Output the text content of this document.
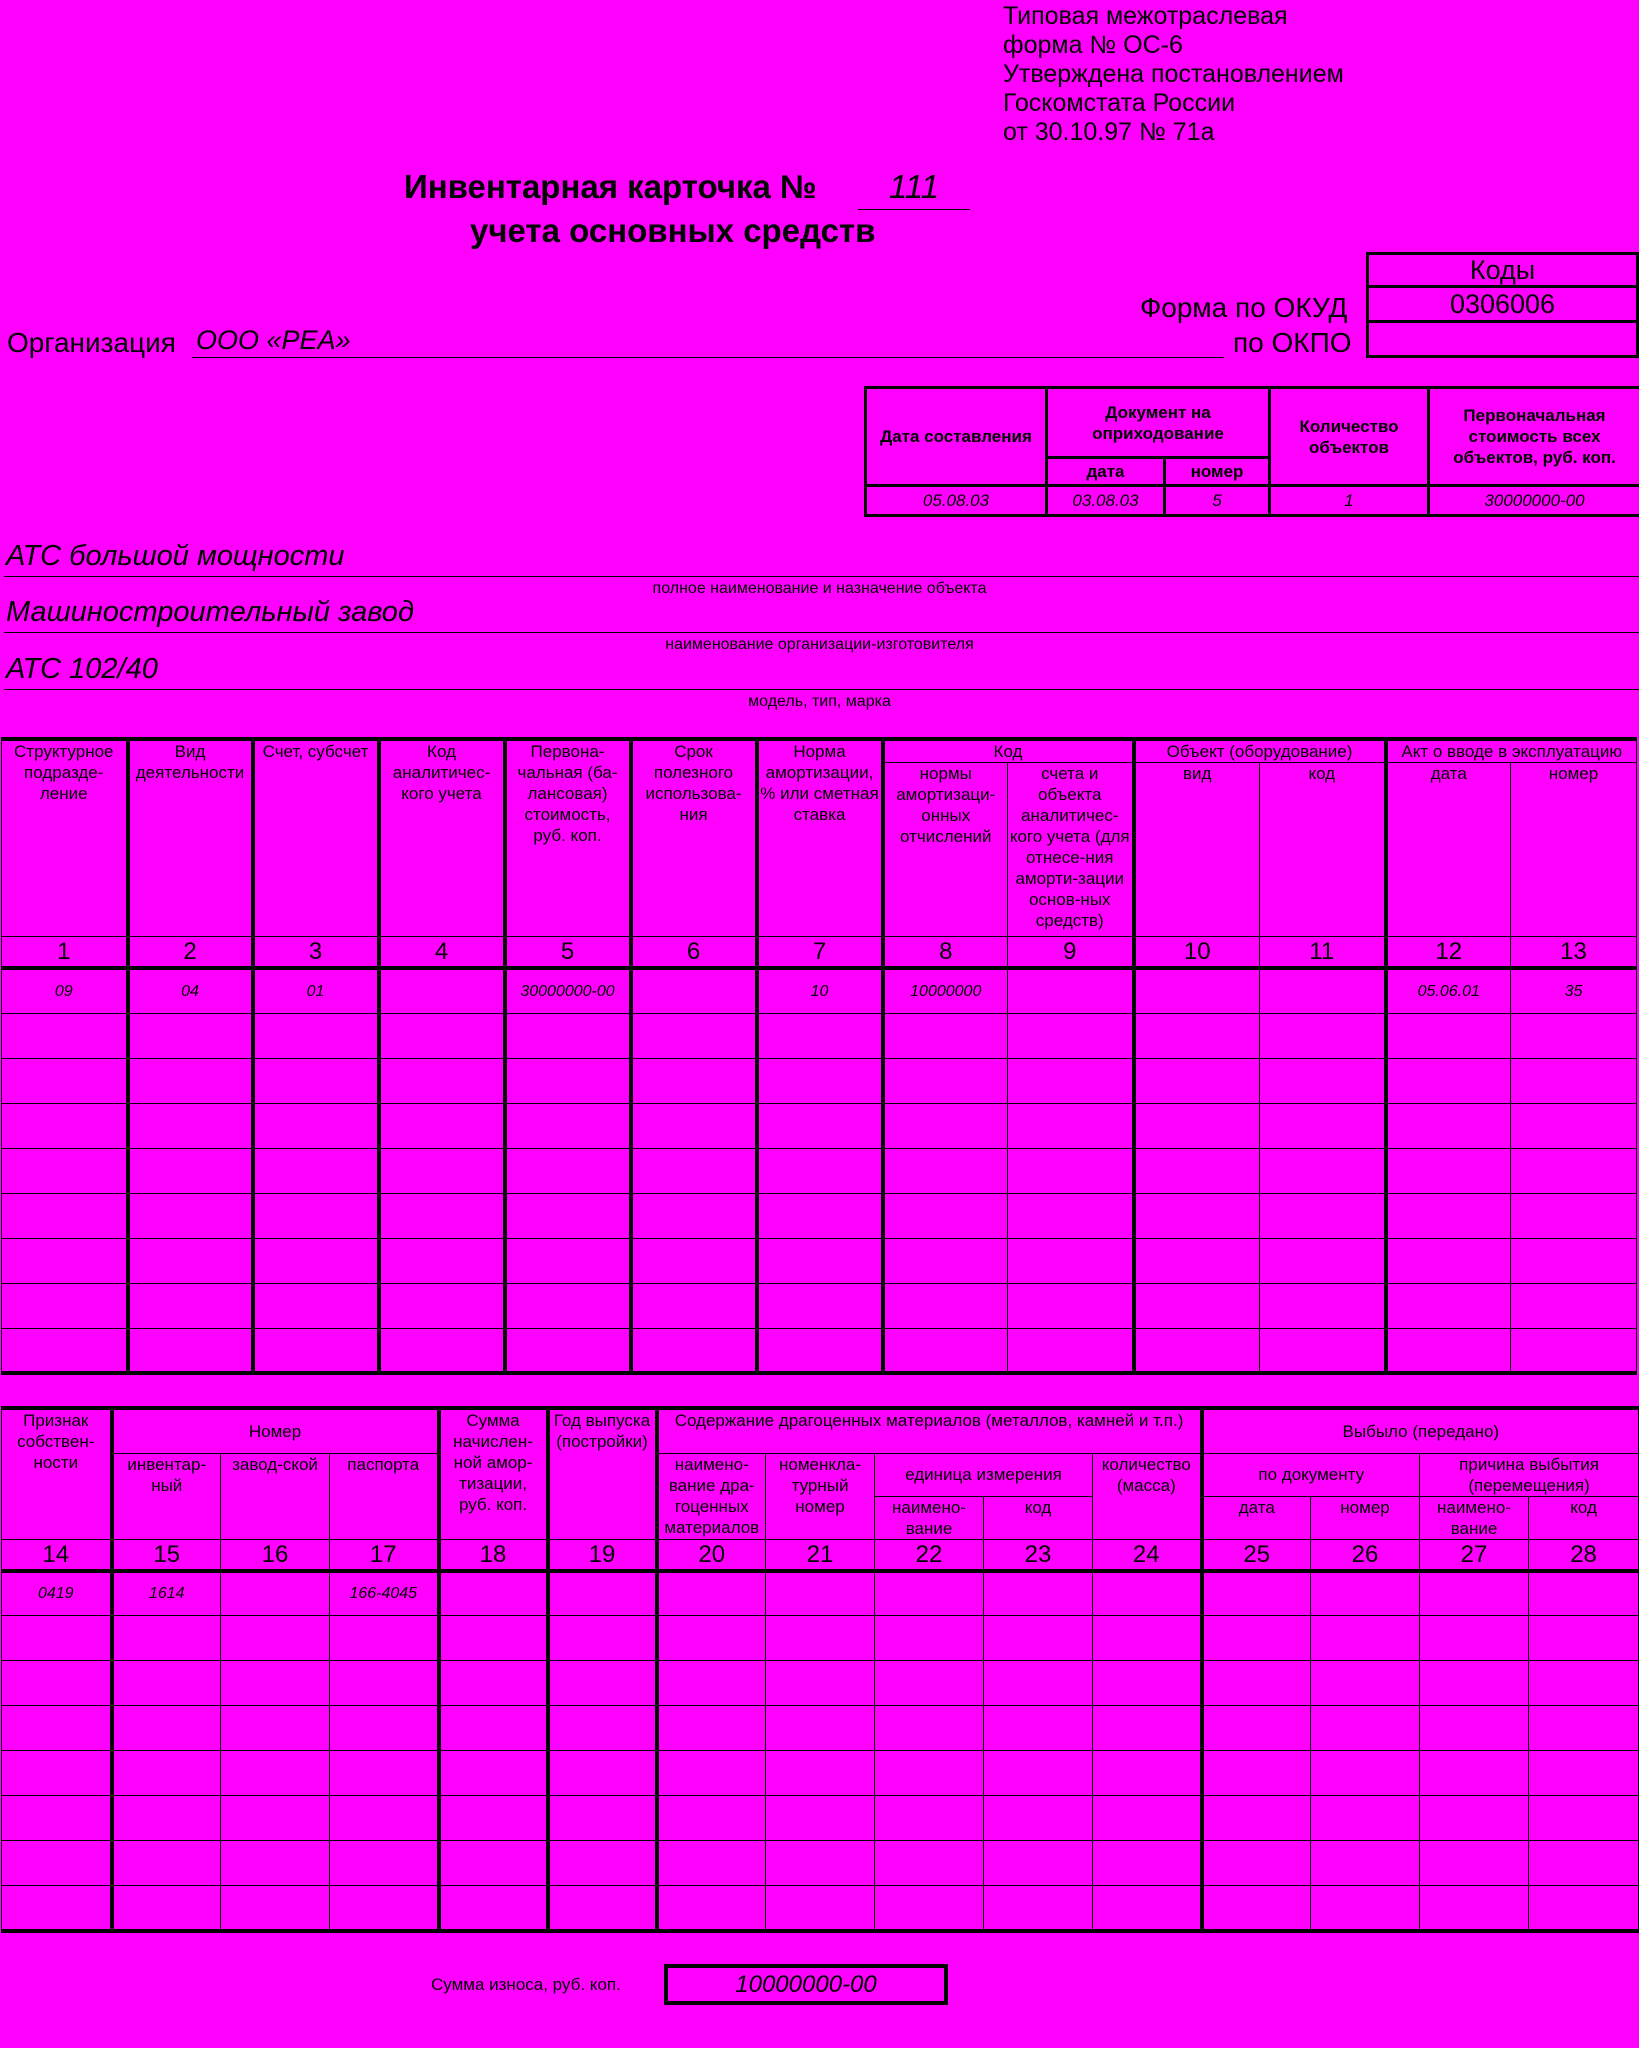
Типовая межотраслевая
форма № ОС-6
Утверждена постановлением
Госкомстата России
от 30.10.97 № 71а
Инвентарная карточка №	111
учета основных средств
Коды
0306006

Форма по ОКУД
по ОКПО
Организация ООО «РЕА»
Дата составления	Документ на оприходование		Количество объектов	Первоначальная стоимость всех объектов, руб. коп.
	дата	номер		
05.08.03	03.08.03	5	1	30000000-00
АТС большой мощности
полное наименование и назначение объекта
Машиностроительный завод
наименование организации-изготовителя
АТС 102/40
модель, тип, марка
Структурное подразде-ление	Вид деятельности	Счет, субсчет	Код аналитичес-кого учета	Первона-чальная (ба-лансовая) стоимость, руб. коп.	Срок полезного использова-ния	Норма амортизации, % или сметная ставка	Код		Объект (оборудование)		Акт о вводе в эксплуатацию	
							нормы амортизаци-онных отчислений	счета и объекта аналитичес-кого учета (для отнесе-ния аморти-зации основ-ных средств)	вид	код	дата	номер
1	2	3	4	5	6	7	8	9	10	11	12	13
09	04	01		30000000-00		10	10000000				05.06.01	35

Признак собствен-ности	Номер			Сумма начислен-ной амор-тизации, руб. коп.	Год выпуска (постройки)	Содержание драгоценных материалов (металлов, камней и т.п.)					Выбыло (передано)			
	инвентар-ный	завод-ской	паспорта			наимено-вание дра-гоценных материалов	номенкла-турный номер	единица измерения		количество (масса)	по документу		причина выбытия (перемещения)	
								наимено-вание	код		дата	номер	наимено-вание	код
14	15	16	17	18	19	20	21	22	23	24	25	26	27	28
0419	1614		166-4045											

Сумма износа, руб. коп.	10000000-00
